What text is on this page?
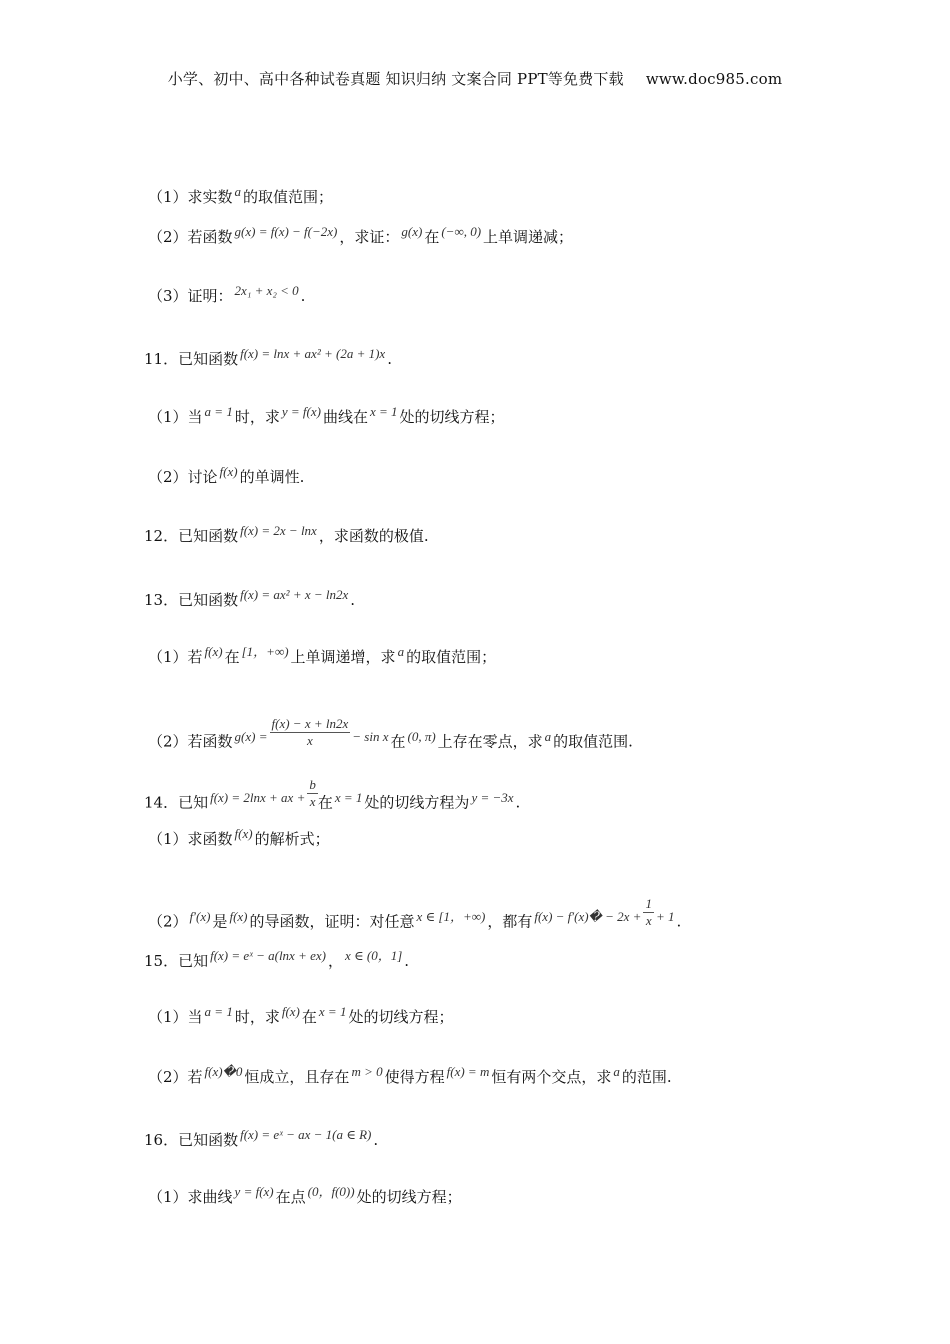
小学、初中、高中各种试卷真题 知识归纳 文案合同 PPT等免费下载 www.doc985.com
（1）求实数 a 的取值范围；
（2）若函数 g(x) = f(x) − f(−2x) ，求证： g(x) 在 (−∞, 0) 上单调递减；
（3）证明： 2x₁ + x₂ < 0 .
11．已知函数 f(x) = lnx + ax² + (2a + 1)x .
（1）当 a = 1 时，求 y = f(x) 曲线在 x = 1 处的切线方程；
（2）讨论 f(x) 的单调性.
12．已知函数 f(x) = 2x − lnx ，求函数的极值.
13．已知函数 f(x) = ax² + x − ln2x .
（1）若 f(x) 在 [1，+∞) 上单调递增，求 a 的取值范围；
（2）若函数 $g(x) = \frac{f(x) - x + \ln 2x}{x} - \sin x$ 在 (0, π) 上存在零点，求 a 的取值范围.
14．已知 f(x) = 2lnx + ax + $\frac{b}{x}$ 在 x = 1 处的切线方程为 y = −3x .
（1）求函数 f(x) 的解析式；
（2） f′(x) 是 f(x) 的导函数，证明：对任意 x ∈ [1，+∞) ，都有 f(x) − f′(x)� − $2x + \frac{1}{x} + 1$ .
15．已知 f(x) = eˣ − a(lnx + ex) ， x ∈ (0，1] .
（1）当 a = 1 时，求 f(x) 在 x = 1 处的切线方程；
（2）若 f(x)�0 恒成立，且存在 m > 0 使得方程 f(x) = m 恒有两个交点，求 a 的范围.
16．已知函数 f(x) = eˣ − ax − 1(a ∈ R) .
（1）求曲线 y = f(x) 在点 (0，f(0)) 处的切线方程；
